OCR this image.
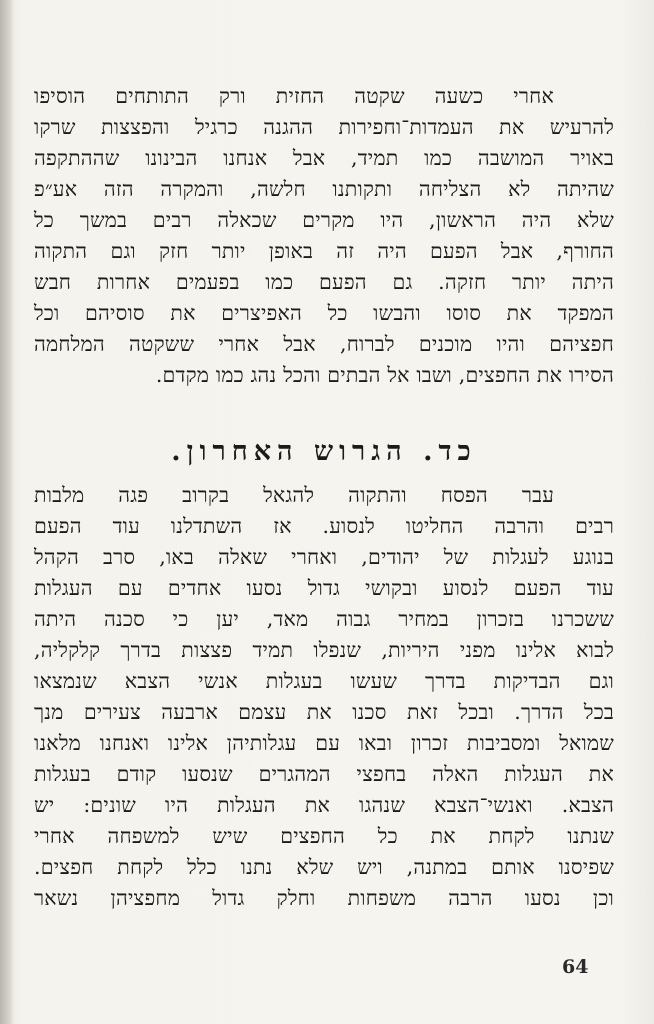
אחרי כשעה שקטה החזית ורק התותחים הוסיפו
להרעיש את העמדות־וחפירות ההגנה כרגיל והפצצות שרקו
באויר המושבה כמו תמיד, אבל אנחנו הבינונו שההתקפה
שהיתה לא הצליחה ותקותנו חלשה, והמקרה הזה אע״פ
שלא היה הראשון, היו מקרים שכאלה רבים במשך כל
החורף, אבל הפעם היה זה באופן יותר חזק וגם התקוה
היתה יותר חזקה. גם הפעם כמו בפעמים אחרות חבש
המפקד את סוסו והבשו כל האפיצרים את סוסיהם וכל
חפציהם והיו מוכנים לברוח, אבל אחרי ששקטה המלחמה
הסירו את החפצים, ושבו אל הבתים והכל נהג כמו מקדם.
כד. הגרוש האחרון.
עבר הפסח והתקוה להגאל בקרוב פגה מלבות
רבים והרבה החליטו לנסוע. אז השתדלנו עוד הפעם
בנוגע לעגלות של יהודים, ואחרי שאלה באו, סרב הקהל
עוד הפעם לנסוע ובקושי גדול נסעו אחדים עם העגלות
ששכרנו בזכרון במחיר גבוה מאד, יען כי סכנה היתה
לבוא אלינו מפני היריות, שנפלו תמיד פצצות בדרך קלקליה,
וגם הבדיקות בדרך שעשו בעגלות אנשי הצבא שנמצאו
בכל הדרך. ובכל זאת סכנו את עצמם ארבעה צעירים מנך
שמואל ומסביבות זכרון ובאו עם עגלותיהן אלינו ואנחנו מלאנו
את העגלות האלה בחפצי המהגרים שנסעו קודם בעגלות
הצבא. ואנשי־הצבא שנהגו את העגלות היו שונים: יש
שנתנו לקחת את כל החפצים שיש למשפחה אחרי
שפיסנו אותם במתנה, ויש שלא נתנו כלל לקחת חפצים.
וכן נסעו הרבה משפחות וחלק גדול מחפציהן נשאר
64
